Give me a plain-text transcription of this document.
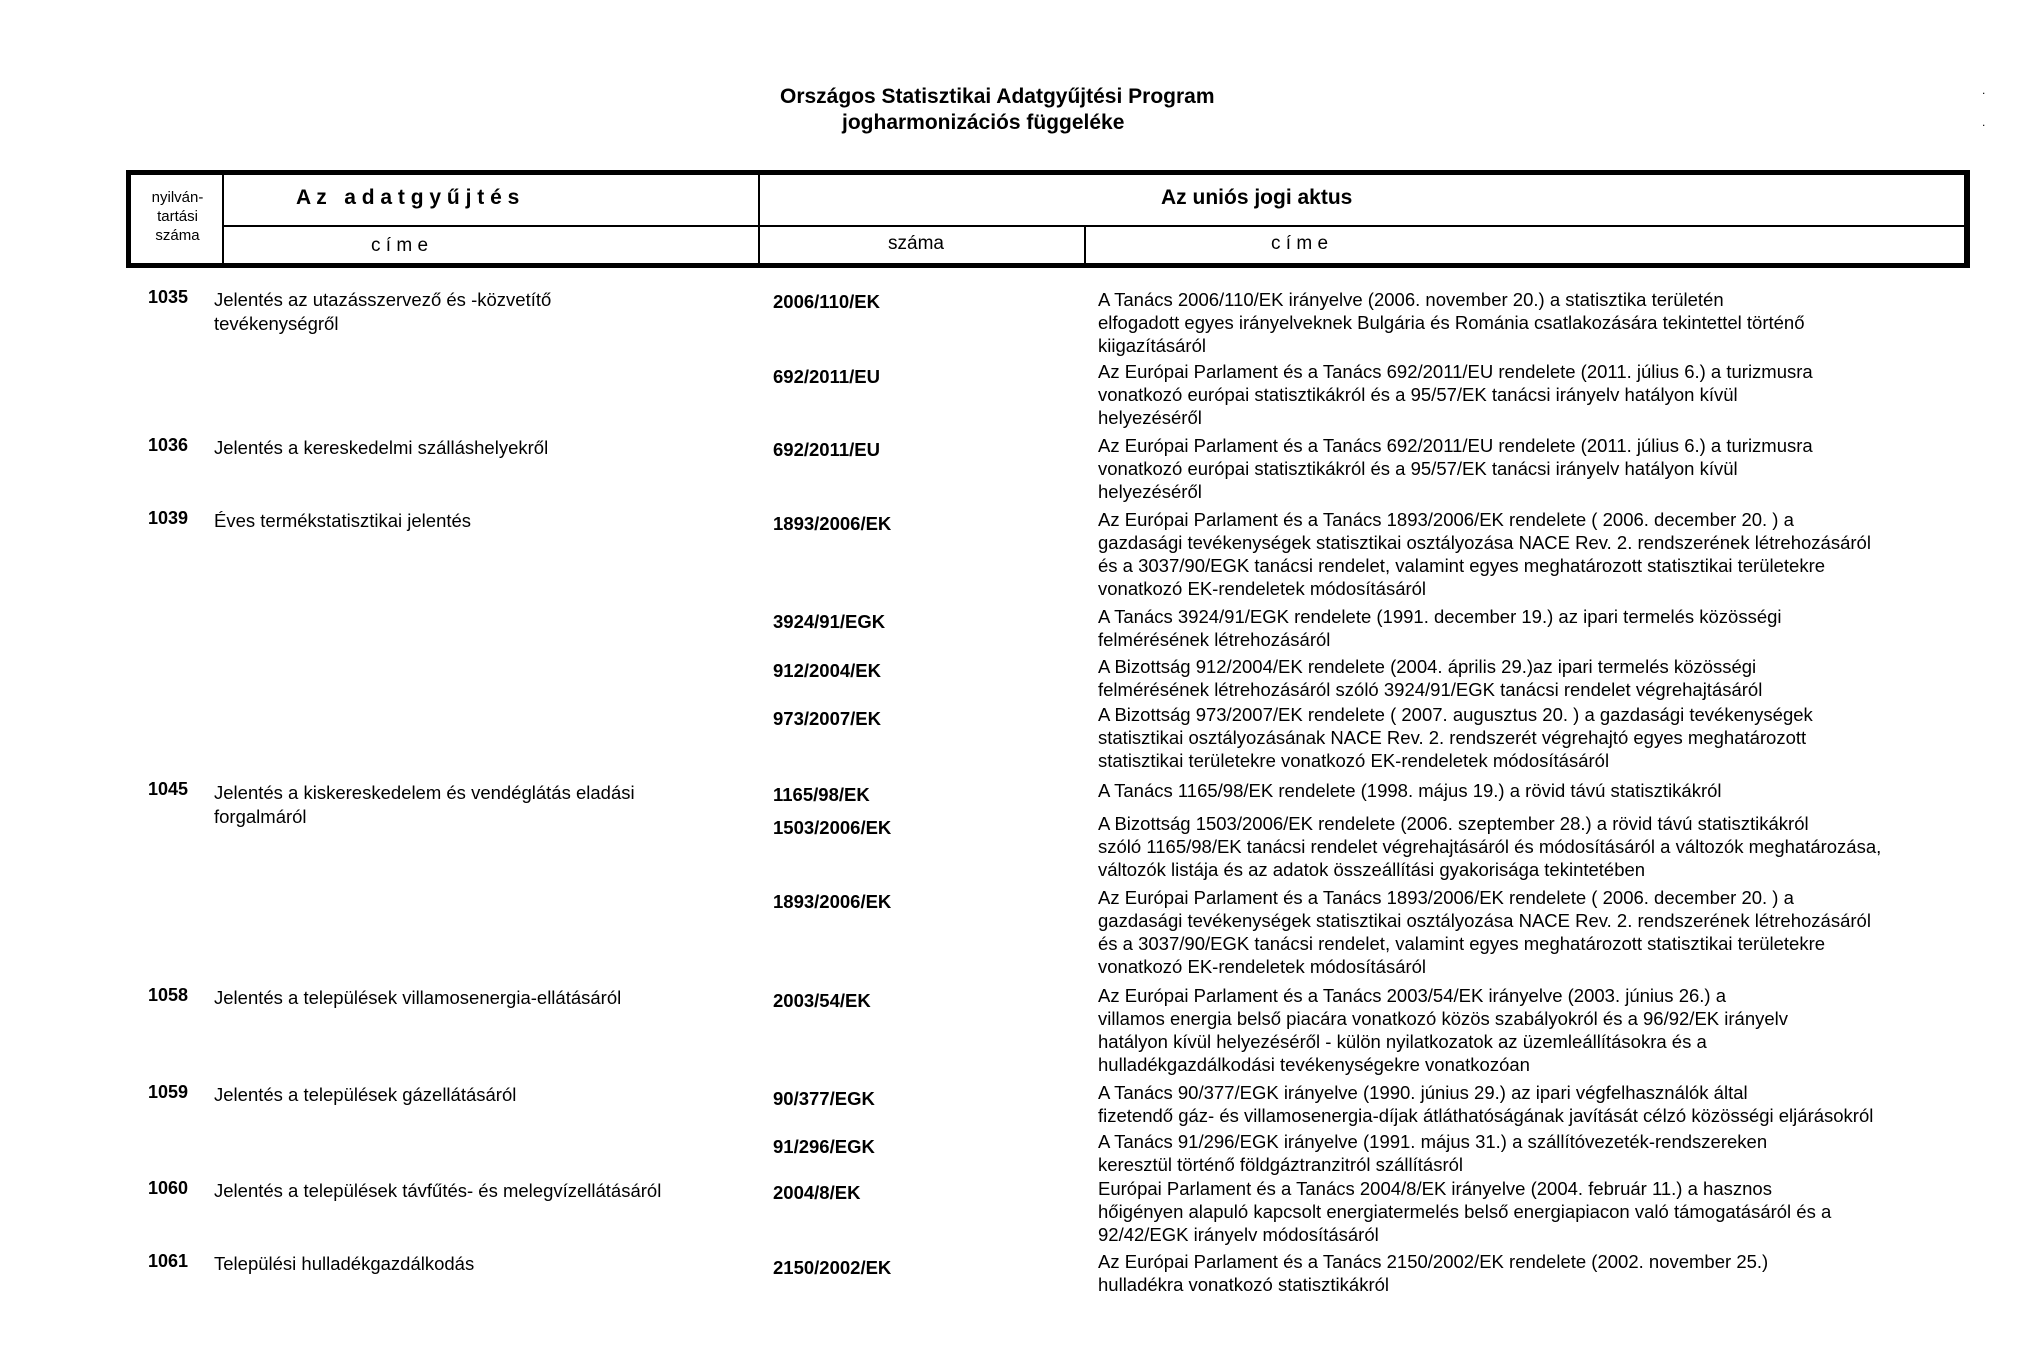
Országos Statisztikai Adatgyűjtési Program
jogharmonizációs függeléke
.
.
nyilván-
tartási
száma
A z   a d a t g y ű j t é s
c í m e
Az uniós jogi aktus
száma	c í m e
1035 Jelentés az utazásszervező és -közvetítő
tevékenységről
2006/110/EK	A Tanács 2006/110/EK irányelve (2006. november 20.) a statisztika területén
elfogadott egyes irányelveknek Bulgária és Románia csatlakozására tekintettel történő
kiigazításáról
692/2011/EU	Az Európai Parlament és a Tanács 692/2011/EU rendelete (2011. július 6.) a turizmusra
vonatkozó európai statisztikákról és a 95/57/EK tanácsi irányelv hatályon kívül
helyezéséről
1036 Jelentés a kereskedelmi szálláshelyekről	692/2011/EU	Az Európai Parlament és a Tanács 692/2011/EU rendelete (2011. július 6.) a turizmusra
vonatkozó európai statisztikákról és a 95/57/EK tanácsi irányelv hatályon kívül
helyezéséről
1039 Éves termékstatisztikai jelentés	1893/2006/EK	Az Európai Parlament és a Tanács 1893/2006/EK rendelete ( 2006. december 20. ) a
gazdasági tevékenységek statisztikai osztályozása NACE Rev. 2. rendszerének létrehozásáról
és a 3037/90/EGK tanácsi rendelet, valamint egyes meghatározott statisztikai területekre
vonatkozó EK-rendeletek módosításáról
3924/91/EGK	A Tanács 3924/91/EGK rendelete (1991. december 19.) az ipari termelés közösségi
felmérésének létrehozásáról
912/2004/EK	A Bizottság 912/2004/EK rendelete (2004. április 29.)az ipari termelés közösségi
felmérésének létrehozásáról szóló 3924/91/EGK tanácsi rendelet végrehajtásáról
973/2007/EK	A Bizottság 973/2007/EK rendelete ( 2007. augusztus 20. ) a gazdasági tevékenységek
statisztikai osztályozásának NACE Rev. 2. rendszerét végrehajtó egyes meghatározott
statisztikai területekre vonatkozó EK-rendeletek módosításáról
1045 Jelentés a kiskereskedelem és vendéglátás eladási
forgalmáról
1165/98/EK	A Tanács 1165/98/EK rendelete (1998. május 19.) a rövid távú statisztikákról
1503/2006/EK	A Bizottság 1503/2006/EK rendelete (2006. szeptember 28.) a rövid távú statisztikákról
szóló 1165/98/EK tanácsi rendelet végrehajtásáról és módosításáról a változók meghatározása,
változók listája és az adatok összeállítási gyakorisága tekintetében
1893/2006/EK	Az Európai Parlament és a Tanács 1893/2006/EK rendelete ( 2006. december 20. ) a
gazdasági tevékenységek statisztikai osztályozása NACE Rev. 2. rendszerének létrehozásáról
és a 3037/90/EGK tanácsi rendelet, valamint egyes meghatározott statisztikai területekre
vonatkozó EK-rendeletek módosításáról
1058 Jelentés a települések villamosenergia-ellátásáról	2003/54/EK	Az Európai Parlament és a Tanács 2003/54/EK irányelve (2003. június 26.) a
villamos energia belső piacára vonatkozó közös szabályokról és a 96/92/EK irányelv
hatályon kívül helyezéséről - külön nyilatkozatok az üzemleállításokra és a
hulladékgazdálkodási tevékenységekre vonatkozóan
1059 Jelentés a települések gázellátásáról	90/377/EGK	A Tanács 90/377/EGK irányelve (1990. június 29.) az ipari végfelhasználók által
fizetendő gáz- és villamosenergia-díjak átláthatóságának javítását célzó közösségi eljárásokról
91/296/EGK	A Tanács 91/296/EGK irányelve (1991. május 31.) a szállítóvezeték-rendszereken
keresztül történő földgáztranzitról szállításról
1060 Jelentés a települések távfűtés- és melegvízellátásáról	2004/8/EK	Európai Parlament és a Tanács 2004/8/EK irányelve (2004. február 11.) a hasznos
hőigényen alapuló kapcsolt energiatermelés belső energiapiacon való támogatásáról és a
92/42/EGK irányelv módosításáról
1061 Települési hulladékgazdálkodás	2150/2002/EK	Az Európai Parlament és a Tanács 2150/2002/EK rendelete (2002. november 25.)
hulladékra vonatkozó statisztikákról
